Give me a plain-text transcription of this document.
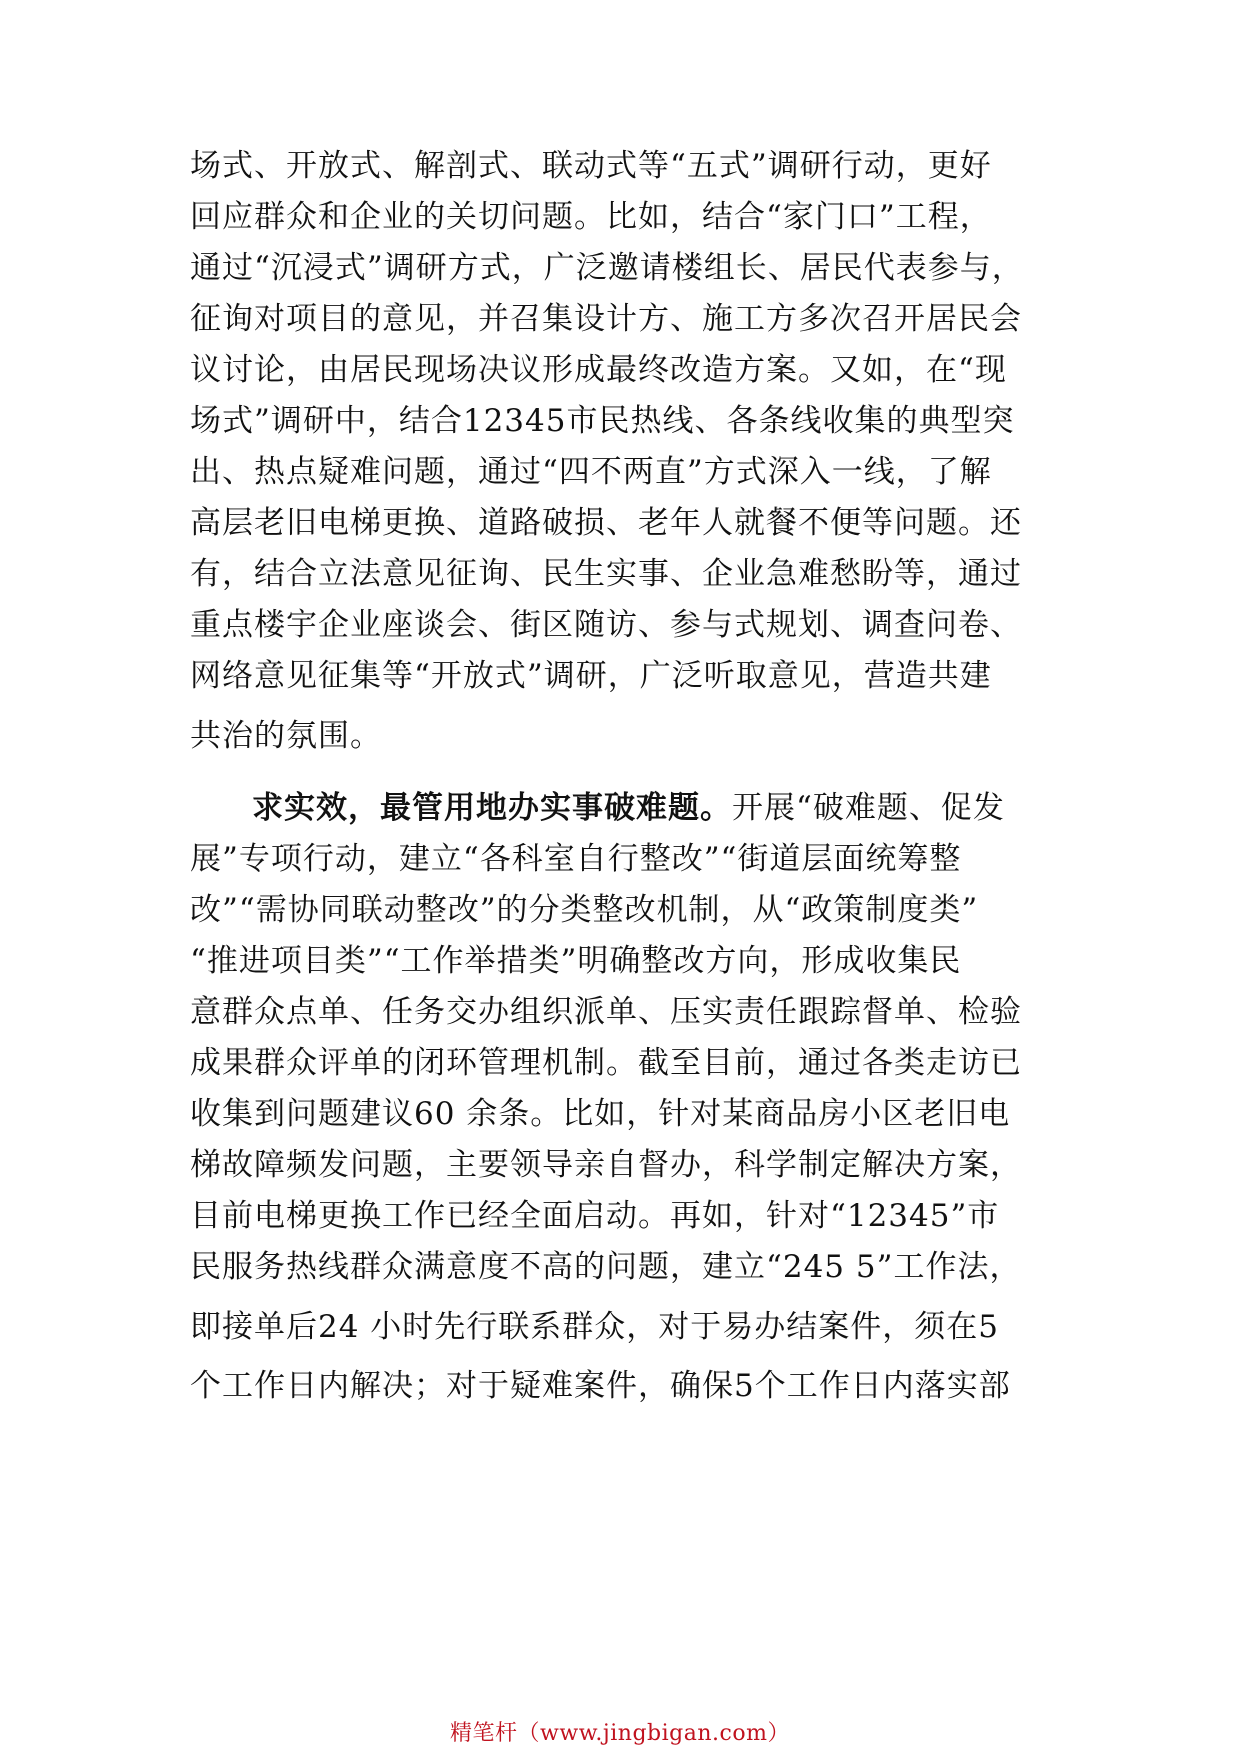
场式、开放式、解剖式、联动式等“五式”调研行动，更好
回应群众和企业的关切问题。比如，结合“家门口”工程，
通过“沉浸式”调研方式，广泛邀请楼组长、居民代表参与，
征询对项目的意见，并召集设计方、施工方多次召开居民会
议讨论，由居民现场决议形成最终改造方案。又如，在“现
场式”调研中，结合12345市民热线、各条线收集的典型突
出、热点疑难问题，通过“四不两直”方式深入一线，了解
高层老旧电梯更换、道路破损、老年人就餐不便等问题。还
有，结合立法意见征询、民生实事、企业急难愁盼等，通过
重点楼宇企业座谈会、街区随访、参与式规划、调查问卷、
网络意见征集等“开放式”调研，广泛听取意见，营造共建
共治的氛围。
求实效，最管用地办实事破难题。开展“破难题、促发
展”专项行动，建立“各科室自行整改”“街道层面统筹整
改”“需协同联动整改”的分类整改机制，从“政策制度类”
“推进项目类”“工作举措类”明确整改方向，形成收集民
意群众点单、任务交办组织派单、压实责任跟踪督单、检验
成果群众评单的闭环管理机制。截至目前，通过各类走访已
收集到问题建议60 余条。比如，针对某商品房小区老旧电
梯故障频发问题，主要领导亲自督办，科学制定解决方案，
目前电梯更换工作已经全面启动。再如，针对“12345”市
民服务热线群众满意度不高的问题，建立“245 5”工作法，
即接单后24 小时先行联系群众，对于易办结案件，须在5
个工作日内解决；对于疑难案件，确保5个工作日内落实部
精笔杆（www.jingbigan.com）
